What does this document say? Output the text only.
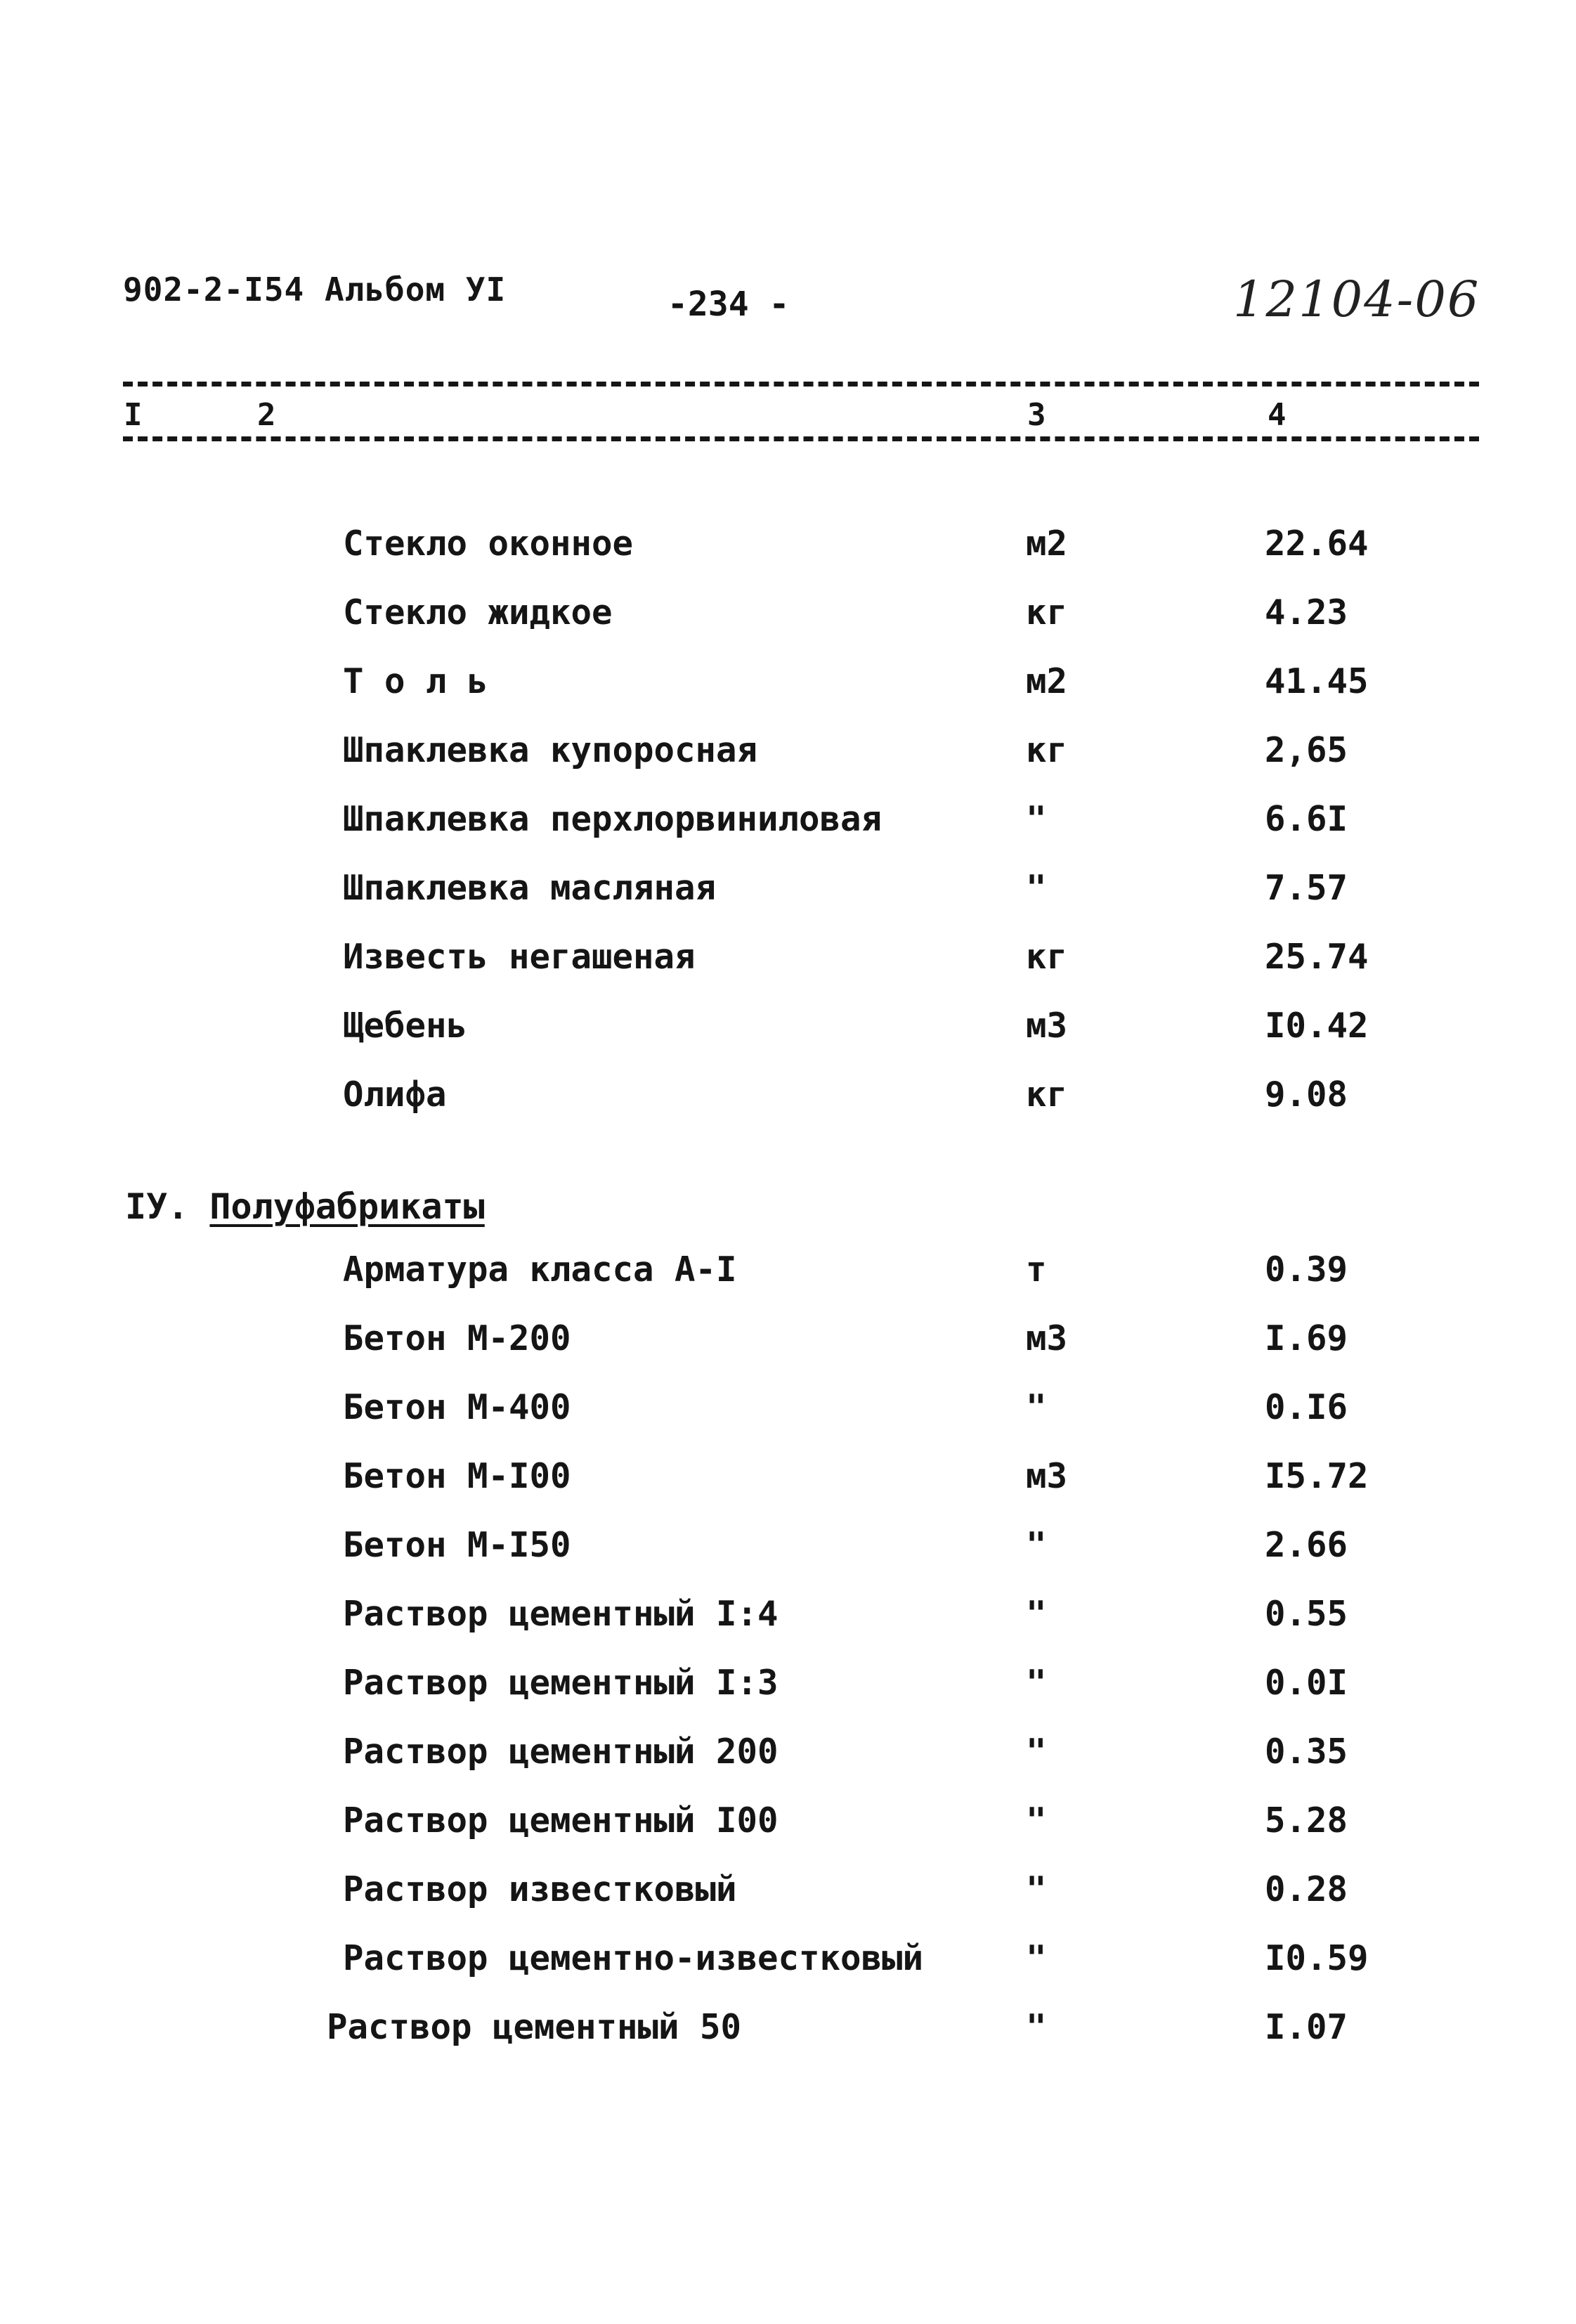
902-2-I54 Альбом УІ	-234 -	12104-06
I	2	3	4
Стекло оконное	м2	22.64
Стекло жидкое	кг	4.23
Т о л ь	м2	41.45
Шпаклевка купоросная	кг	2,65
Шпаклевка перхлорвиниловая	"	6.6I
Шпаклевка масляная	"	7.57
Известь негашеная	кг	25.74
Щебень	м3	I0.42
Олифа	кг	9.08
IУ. Полуфабрикаты
Арматура класса А-I	т	0.39
Бетон М-200	м3	I.69
Бетон М-400	"	0.I6
Бетон М-I00	м3	I5.72
Бетон М-I50	"	2.66
Раствор цементный I:4	"	0.55
Раствор цементный I:3	"	0.0I
Раствор цементный 200	"	0.35
Раствор цементный I00	"	5.28
Раствор известковый	"	0.28
Раствор цементно-известковый	"	I0.59
Раствор цементный 50	"	I.07
